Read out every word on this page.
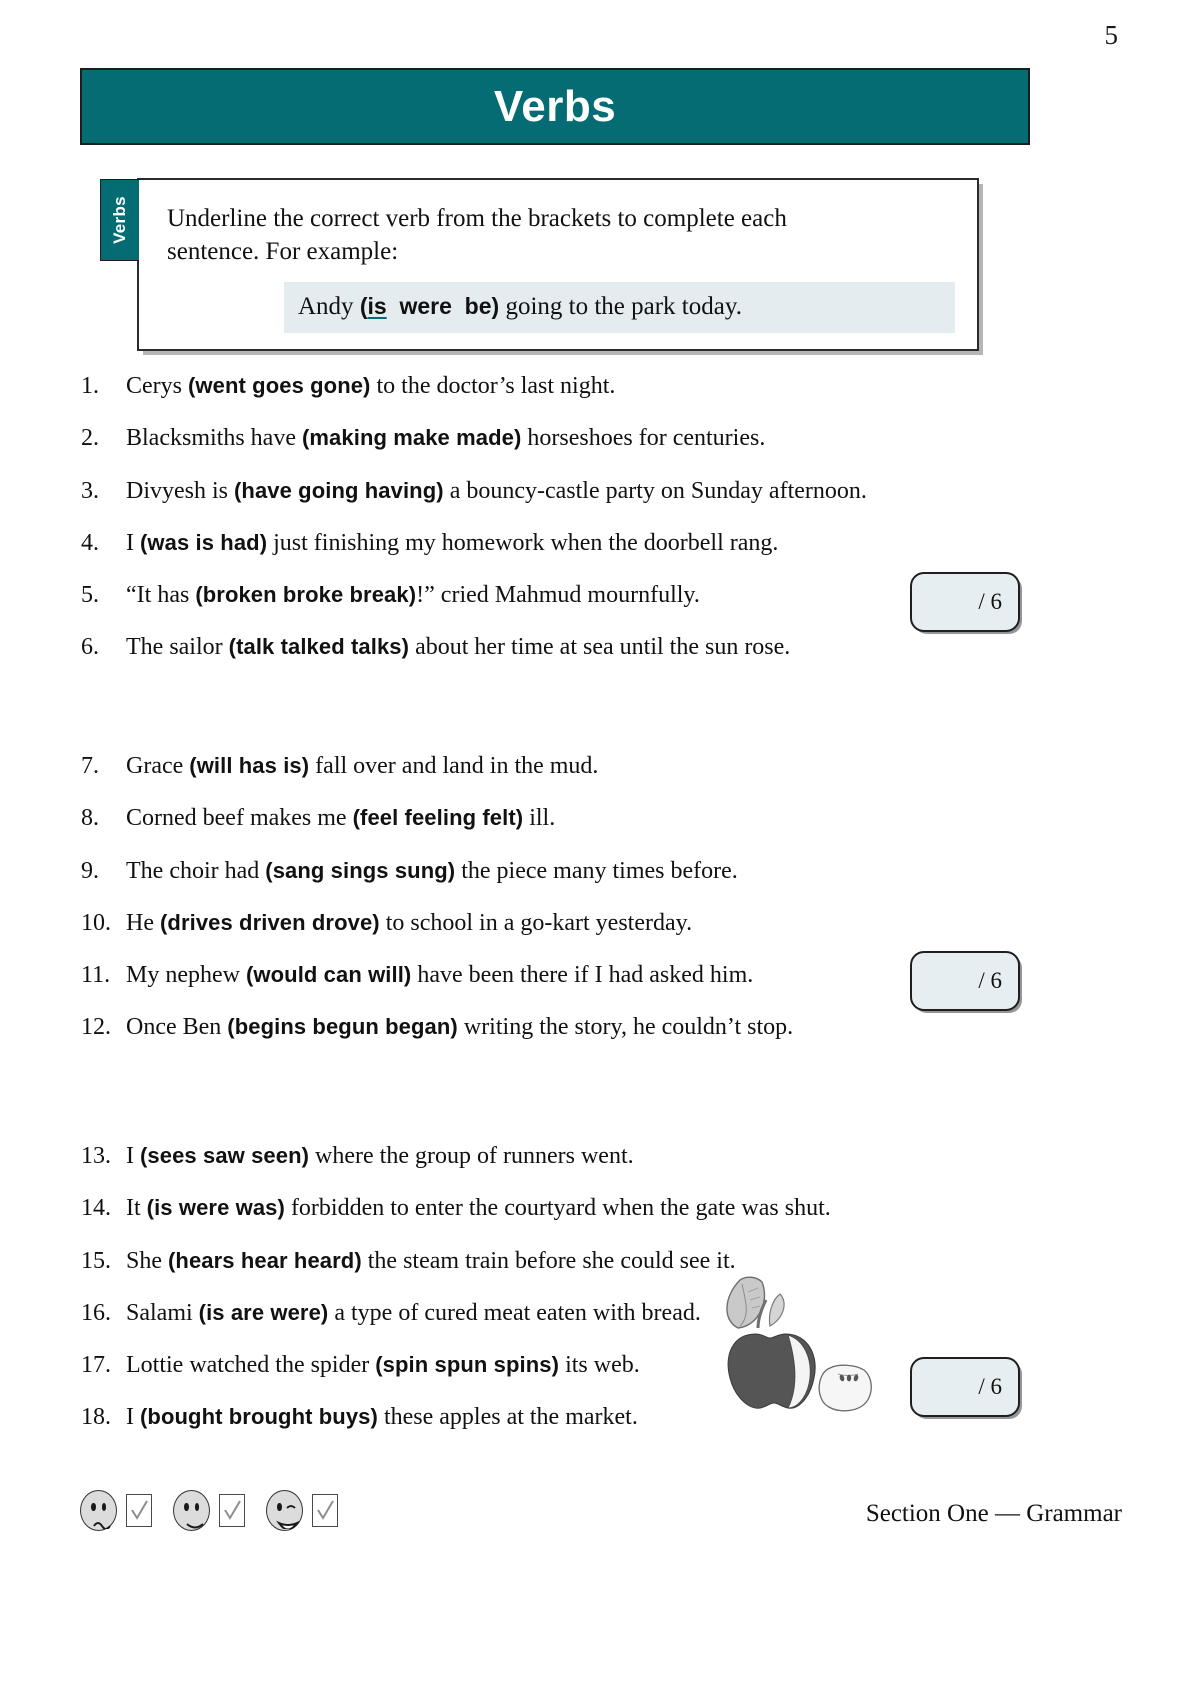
5
Verbs
Verbs Underline the correct verb from the brackets to complete each
sentence. For example:
Andy (is were be) going to the park today.
1.	Cerys (went goes gone) to the doctor’s last night.
2.	Blacksmiths have (making make made) horseshoes for centuries.
3.	Divyesh is (have going having) a bouncy-castle party on Sunday afternoon.
4.	I (was is had) just finishing my homework when the doorbell rang.
5.	“It has (broken broke break)!” cried Mahmud mournfully.
6.	The sailor (talk talked talks) about her time at sea until the sun rose.
/ 6
7.	Grace (will has is) fall over and land in the mud.
8.	Corned beef makes me (feel feeling felt) ill.
9.	The choir had (sang sings sung) the piece many times before.
10. He (drives driven drove) to school in a go-kart yesterday.
11. My nephew (would can will) have been there if I had asked him.
12. Once Ben (begins begun began) writing the story, he couldn’t stop.
/ 6
13. I (sees saw seen) where the group of runners went.
14. It (is were was) forbidden to enter the courtyard when the gate was shut.
15. She (hears hear heard) the steam train before she could see it.
16. Salami (is are were) a type of cured meat eaten with bread.
17. Lottie watched the spider (spin spun spins) its web.
18. I (bought brought buys) these apples at the market.
/ 6
Section One — Grammar
